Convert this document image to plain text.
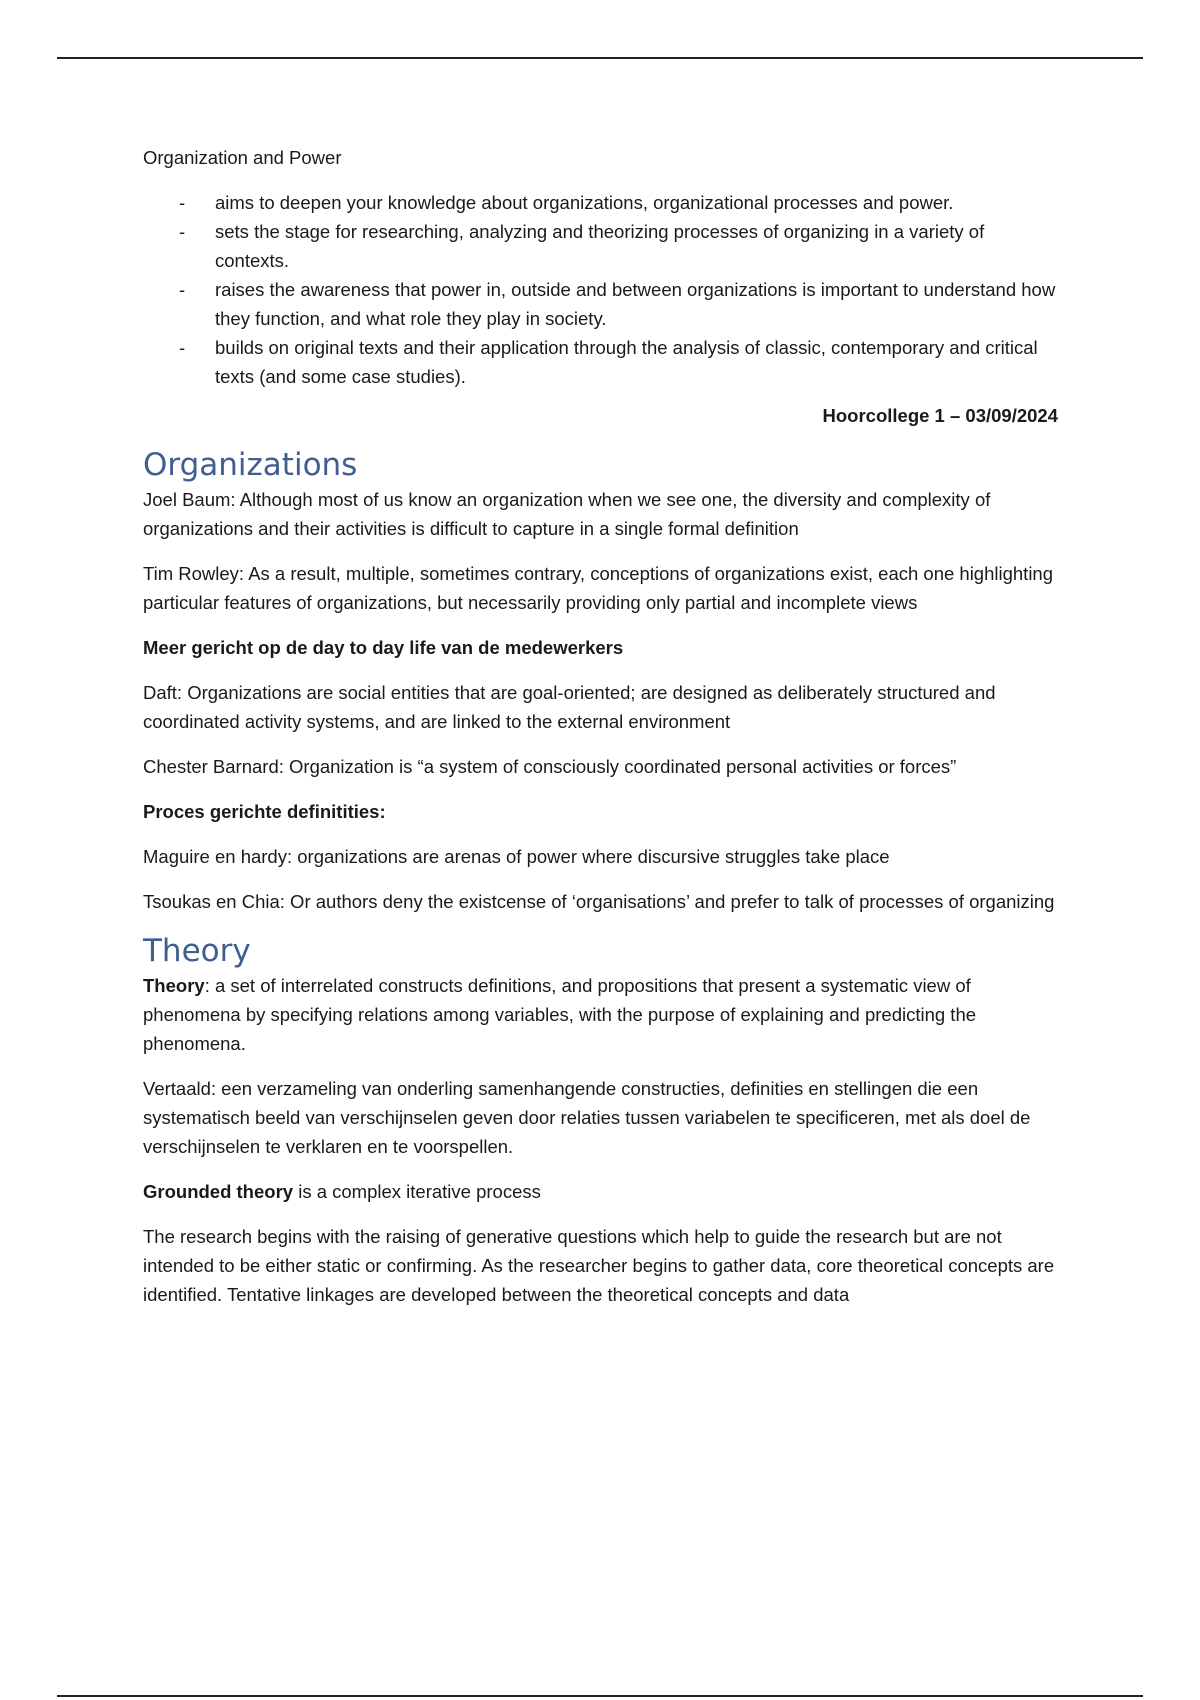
Organization and Power

- aims to deepen your knowledge about organizations, organizational processes and power.
- sets the stage for researching, analyzing and theorizing processes of organizing in a variety of contexts.
- raises the awareness that power in, outside and between organizations is important to understand how they function, and what role they play in society.
- builds on original texts and their application through the analysis of classic, contemporary and critical texts (and some case studies).

Hoorcollege 1 – 03/09/2024

Organizations

Joel Baum: Although most of us know an organization when we see one, the diversity and complexity of organizations and their activities is difficult to capture in a single formal definition

Tim Rowley: As a result, multiple, sometimes contrary, conceptions of organizations exist, each one highlighting particular features of organizations, but necessarily providing only partial and incomplete views

Meer gericht op de day to day life van de medewerkers

Daft: Organizations are social entities that are goal-oriented; are designed as deliberately structured and coordinated activity systems, and are linked to the external environment

Chester Barnard: Organization is “a system of consciously coordinated personal activities or forces”

Proces gerichte definitities:

Maguire en hardy: organizations are arenas of power where discursive struggles take place

Tsoukas en Chia: Or authors deny the existcense of ‘organisations’ and prefer to talk of processes of organizing

Theory

Theory: a set of interrelated constructs definitions, and propositions that present a systematic view of phenomena by specifying relations among variables, with the purpose of explaining and predicting the phenomena.

Vertaald: een verzameling van onderling samenhangende constructies, definities en stellingen die een systematisch beeld van verschijnselen geven door relaties tussen variabelen te specificeren, met als doel de verschijnselen te verklaren en te voorspellen.

Grounded theory is a complex iterative process

The research begins with the raising of generative questions which help to guide the research but are not intended to be either static or confirming. As the researcher begins to gather data, core theoretical concepts are identified. Tentative linkages are developed between the theoretical concepts and data
